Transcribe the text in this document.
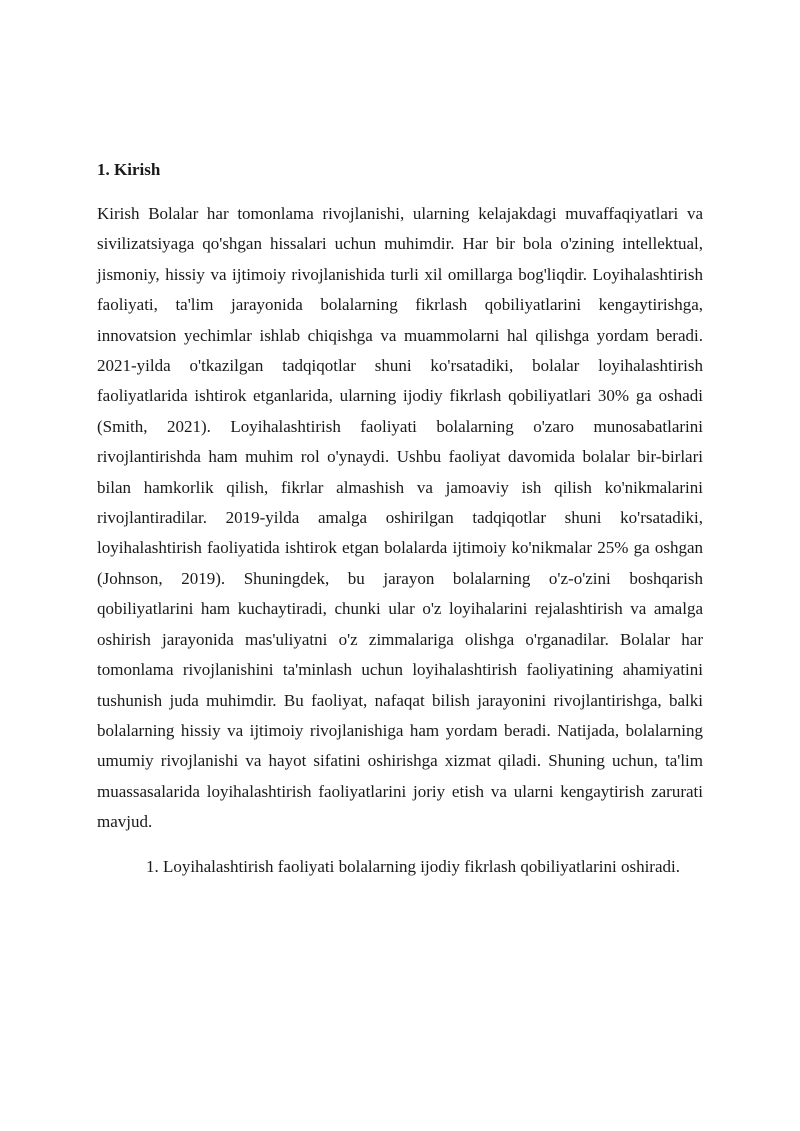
1. Kirish

Kirish Bolalar har tomonlama rivojlanishi, ularning kelajakdagi muvaffaqiyatlari va sivilizatsiyaga qo'shgan hissalari uchun muhimdir. Har bir bola o'zining intellektual, jismoniy, hissiy va ijtimoiy rivojlanishida turli xil omillarga bog'liqdir. Loyihalashtirish faoliyati, ta'lim jarayonida bolalarning fikrlash qobiliyatlarini kengaytirishga, innovatsion yechimlar ishlab chiqishga va muammolarni hal qilishga yordam beradi. 2021-yilda o'tkazilgan tadqiqotlar shuni ko'rsatadiki, bolalar loyihalashtirish faoliyatlarida ishtirok etganlarida, ularning ijodiy fikrlash qobiliyatlari 30% ga oshadi (Smith, 2021). Loyihalashtirish faoliyati bolalarning o'zaro munosabatlarini rivojlantirishda ham muhim rol o'ynaydi. Ushbu faoliyat davomida bolalar bir-birlari bilan hamkorlik qilish, fikrlar almashish va jamoaviy ish qilish ko'nikmalarini rivojlantiradilar. 2019-yilda amalga oshirilgan tadqiqotlar shuni ko'rsatadiki, loyihalashtirish faoliyatida ishtirok etgan bolalarda ijtimoiy ko'nikmalar 25% ga oshgan (Johnson, 2019). Shuningdek, bu jarayon bolalarning o'z-o'zini boshqarish qobiliyatlarini ham kuchaytiradi, chunki ular o'z loyihalarini rejalashtirish va amalga oshirish jarayonida mas'uliyatni o'z zimmalariga olishga o'rganadilar. Bolalar har tomonlama rivojlanishini ta'minlash uchun loyihalashtirish faoliyatining ahamiyatini tushunish juda muhimdir. Bu faoliyat, nafaqat bilish jarayonini rivojlantirishga, balki bolalarning hissiy va ijtimoiy rivojlanishiga ham yordam beradi. Natijada, bolalarning umumiy rivojlanishi va hayot sifatini oshirishga xizmat qiladi. Shuning uchun, ta'lim muassasalarida loyihalashtirish faoliyatlarini joriy etish va ularni kengaytirish zarurati mavjud.

1. Loyihalashtirish faoliyati bolalarning ijodiy fikrlash qobiliyatlarini oshiradi.
